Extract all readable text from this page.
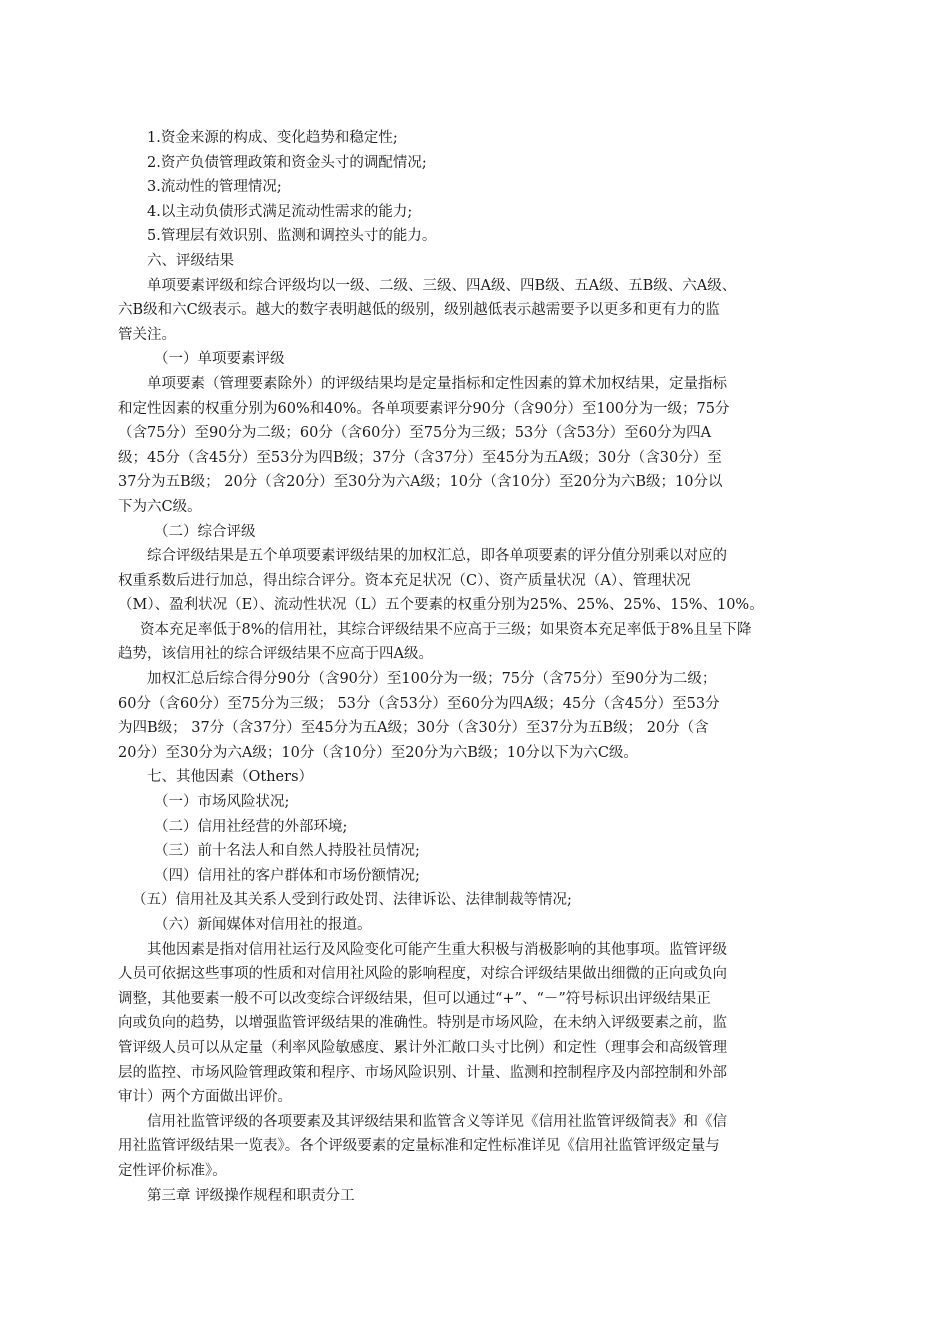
1.资金来源的构成、变化趋势和稳定性;
2.资产负债管理政策和资金头寸的调配情况;
3.流动性的管理情况;
4.以主动负债形式满足流动性需求的能力;
5.管理层有效识别、监测和调控头寸的能力。
六、评级结果
单项要素评级和综合评级均以一级、二级、三级、四A级、四B级、五A级、五B级、六A级、
六B级和六C级表示。越大的数字表明越低的级别，级别越低表示越需要予以更多和更有力的监
管关注。
（一）单项要素评级
单项要素（管理要素除外）的评级结果均是定量指标和定性因素的算术加权结果，定量指标
和定性因素的权重分别为60%和40%。各单项要素评分90分（含90分）至100分为一级；75分
（含75分）至90分为二级；60分（含60分）至75分为三级；53分（含53分）至60分为四A
级；45分（含45分）至53分为四B级；37分（含37分）至45分为五A级；30分（含30分）至
37分为五B级； 20分（含20分）至30分为六A级；10分（含10分）至20分为六B级；10分以
下为六C级。
（二）综合评级
综合评级结果是五个单项要素评级结果的加权汇总，即各单项要素的评分值分别乘以对应的
权重系数后进行加总，得出综合评分。资本充足状况（C）、资产质量状况（A）、管理状况
（M）、盈利状况（E）、流动性状况（L）五个要素的权重分别为25%、25%、25%、15%、10%。
资本充足率低于8%的信用社，其综合评级结果不应高于三级；如果资本充足率低于8%且呈下降
趋势，该信用社的综合评级结果不应高于四A级。
加权汇总后综合得分90分（含90分）至100分为一级；75分（含75分）至90分为二级；
60分（含60分）至75分为三级； 53分（含53分）至60分为四A级；45分（含45分）至53分
为四B级； 37分（含37分）至45分为五A级；30分（含30分）至37分为五B级； 20分（含
20分）至30分为六A级；10分（含10分）至20分为六B级；10分以下为六C级。
七、其他因素（Others）
（一）市场风险状况;
（二）信用社经营的外部环境;
（三）前十名法人和自然人持股社员情况;
（四）信用社的客户群体和市场份额情况;
（五）信用社及其关系人受到行政处罚、法律诉讼、法律制裁等情况;
（六）新闻媒体对信用社的报道。
其他因素是指对信用社运行及风险变化可能产生重大积极与消极影响的其他事项。监管评级
人员可依据这些事项的性质和对信用社风险的影响程度，对综合评级结果做出细微的正向或负向
调整，其他要素一般不可以改变综合评级结果，但可以通过“+”、“－”符号标识出评级结果正
向或负向的趋势，以增强监管评级结果的准确性。特别是市场风险，在未纳入评级要素之前，监
管评级人员可以从定量（利率风险敏感度、累计外汇敞口头寸比例）和定性（理事会和高级管理
层的监控、市场风险管理政策和程序、市场风险识别、计量、监测和控制程序及内部控制和外部
审计）两个方面做出评价。
信用社监管评级的各项要素及其评级结果和监管含义等详见《信用社监管评级简表》和《信
用社监管评级结果一览表》。各个评级要素的定量标准和定性标准详见《信用社监管评级定量与
定性评价标准》。
第三章 评级操作规程和职责分工
